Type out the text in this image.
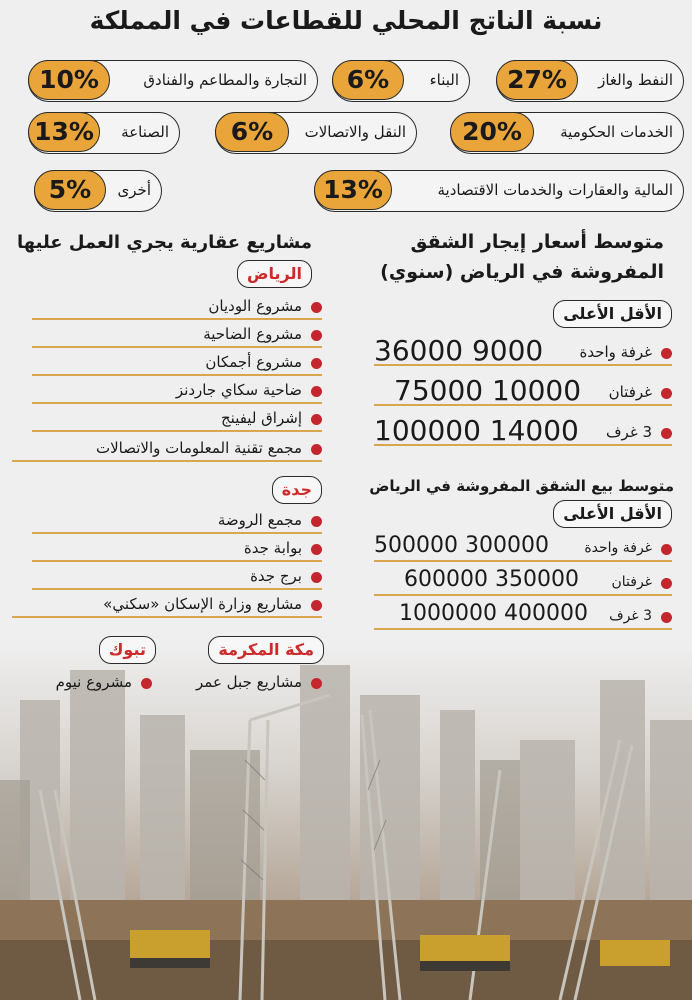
نسبة الناتج المحلي للقطاعات في المملكة
النفط والغاز
27%
البناء
6%
التجارة والمطاعم والفنادق
10%
الخدمات الحكومية
20%
النقل والاتصالات
6%
الصناعة
13%
المالية والعقارات والخدمات الاقتصادية
13%
أخرى
5%
متوسط أسعار إيجار الشقق
المفروشة في الرياض (سنوي)
الأقل الأعلى
غرفة واحدة
36000 9000
غرفتان
75000 10000
3 غرف
100000 14000
متوسط بيع الشقق المفروشة في الرياض
الأقل الأعلى
غرفة واحدة
500000 300000
غرفتان
600000 350000
3 غرف
1000000 400000
مشاريع عقارية يجري العمل عليها
الرياض
مشروع الوديان
مشروع الضاحية
مشروع أجمكان
ضاحية سكاي جاردنز
إشراق ليفينج
مجمع تقنية المعلومات والاتصالات
جدة
مجمع الروضة
بوابة جدة
برج جدة
مشاريع وزارة الإسكان «سكني»
مكة المكرمة
تبوك
مشاريع جبل عمر
مشروع نيوم
